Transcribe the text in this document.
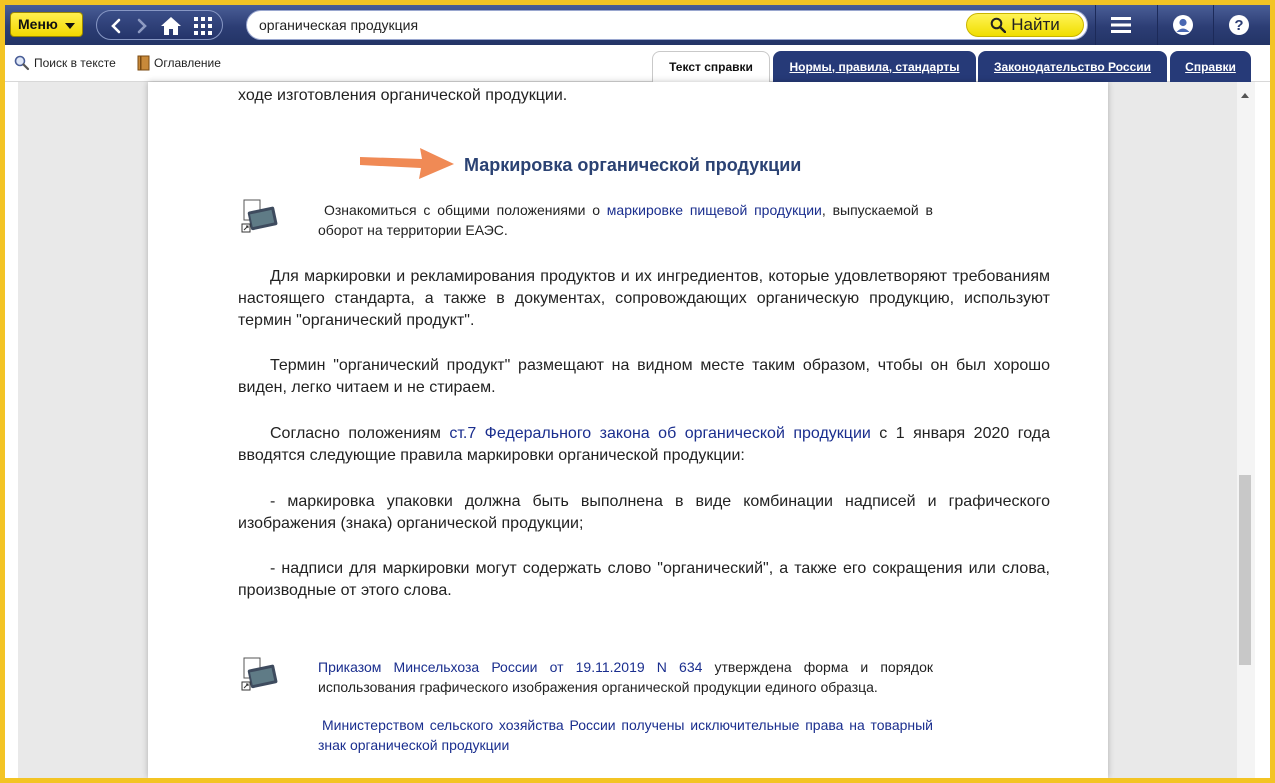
Меню
органическая продукция	Найти	?
Поиск в тексте	Оглавление	Текст справки	Нормы, правила, стандарты	Законодательство России	Справки
ходе изготовления органической продукции.
Маркировка органической продукции
Ознакомиться с общими положениями о маркировке пищевой продукции, выпускаемой в оборот на территории ЕАЭС.
Для маркировки и рекламирования продуктов и их ингредиентов, которые удовлетворяют требованиям настоящего стандарта, а также в документах, сопровождающих органическую продукцию, используют термин "органический продукт".
Термин "органический продукт" размещают на видном месте таким образом, чтобы он был хорошо виден, легко читаем и не стираем.
Согласно положениям ст.7 Федерального закона об органической продукции с 1 января 2020 года вводятся следующие правила маркировки органической продукции:
- маркировка упаковки должна быть выполнена в виде комбинации надписей и графического изображения (знака) органической продукции;
- надписи для маркировки могут содержать слово "органический", а также его сокращения или слова, производные от этого слова.
Приказом Минсельхоза России от 19.11.2019 N 634 утверждена форма и порядок использования графического изображения органической продукции единого образца.
Министерством сельского хозяйства России получены исключительные права на товарный знак органической продукции
